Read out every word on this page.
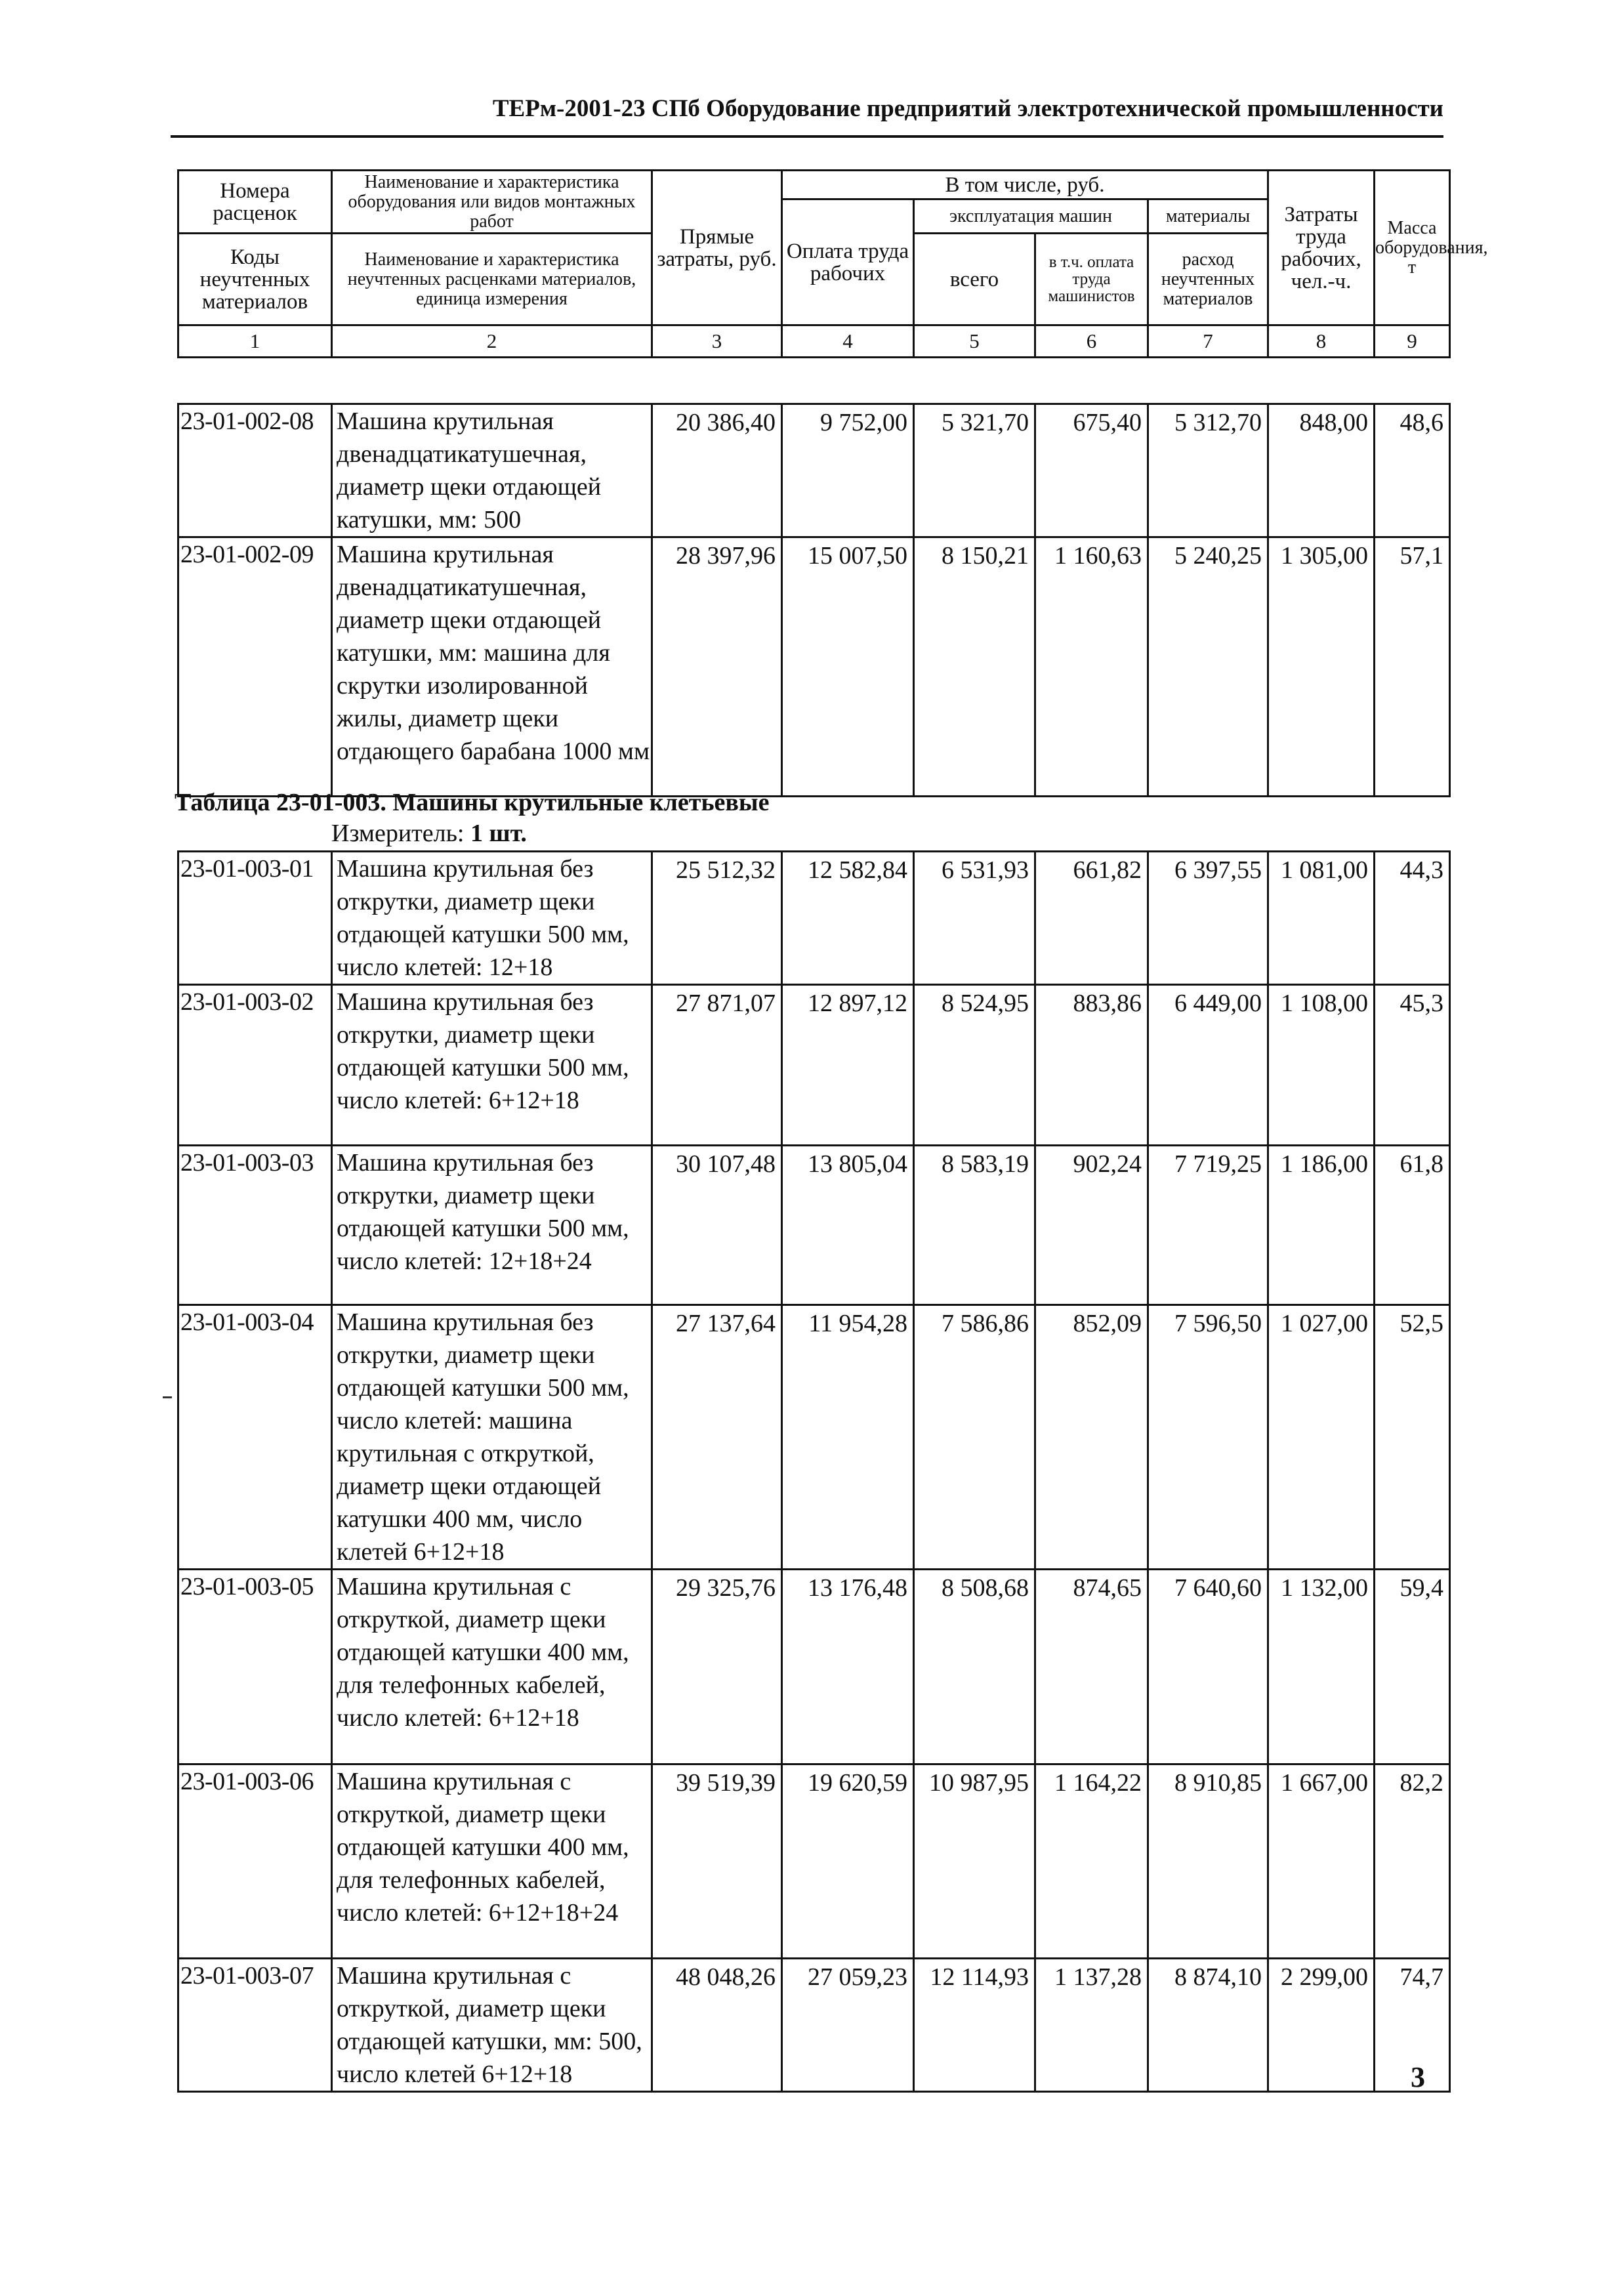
ТЕРм-2001-23 СПб Оборудование предприятий электротехнической промышленности
Номера расценок	Наименование и характеристика оборудования или видов монтажных работ	Прямые затраты, руб.	В том числе, руб.				Затраты труда рабочих, чел.-ч.	Масса оборудования, т
			Оплата труда рабочих	эксплуатация машин		материалы		
Коды неучтенных материалов	Наименование и характеристика неучтенных расценками материалов, единица измерения			всего	в т.ч. оплата труда машинистов	расход неучтенных материалов		

1	2	3	4	5	6	7	8	9
23-01-002-08	Машина крутильная двенадцатикатушечная, диаметр щеки отдающей катушки, мм: 500	20 386,40	9 752,00	5 321,70	675,40	5 312,70	848,00	48,6
23-01-002-09	Машина крутильная двенадцатикатушечная, диаметр щеки отдающей катушки, мм: машина для скрутки изолированной жилы, диаметр щеки отдающего барабана 1000 мм	28 397,96	15 007,50	8 150,21	1 160,63	5 240,25	1 305,00	57,1
Таблица 23-01-003. Машины крутильные клетьевые
Измеритель: 1 шт.
23-01-003-01	Машина крутильная без открутки, диаметр щеки отдающей катушки 500 мм, число клетей: 12+18	25 512,32	12 582,84	6 531,93	661,82	6 397,55	1 081,00	44,3
23-01-003-02	Машина крутильная без открутки, диаметр щеки отдающей катушки 500 мм, число клетей: 6+12+18	27 871,07	12 897,12	8 524,95	883,86	6 449,00	1 108,00	45,3
23-01-003-03	Машина крутильная без открутки, диаметр щеки отдающей катушки 500 мм, число клетей: 12+18+24	30 107,48	13 805,04	8 583,19	902,24	7 719,25	1 186,00	61,8
23-01-003-04	Машина крутильная без открутки, диаметр щеки отдающей катушки 500 мм, число клетей: машина крутильная с откруткой, диаметр щеки отдающей катушки 400 мм, число клетей 6+12+18	27 137,64	11 954,28	7 586,86	852,09	7 596,50	1 027,00	52,5
23-01-003-05	Машина крутильная с откруткой, диаметр щеки отдающей катушки 400 мм, для телефонных кабелей, число клетей: 6+12+18	29 325,76	13 176,48	8 508,68	874,65	7 640,60	1 132,00	59,4
23-01-003-06	Машина крутильная с откруткой, диаметр щеки отдающей катушки 400 мм, для телефонных кабелей, число клетей: 6+12+18+24	39 519,39	19 620,59	10 987,95	1 164,22	8 910,85	1 667,00	82,2
23-01-003-07	Машина крутильная с откруткой, диаметр щеки отдающей катушки, мм: 500, число клетей 6+12+18	48 048,26	27 059,23	12 114,93	1 137,28	8 874,10	2 299,00	74,7
3
